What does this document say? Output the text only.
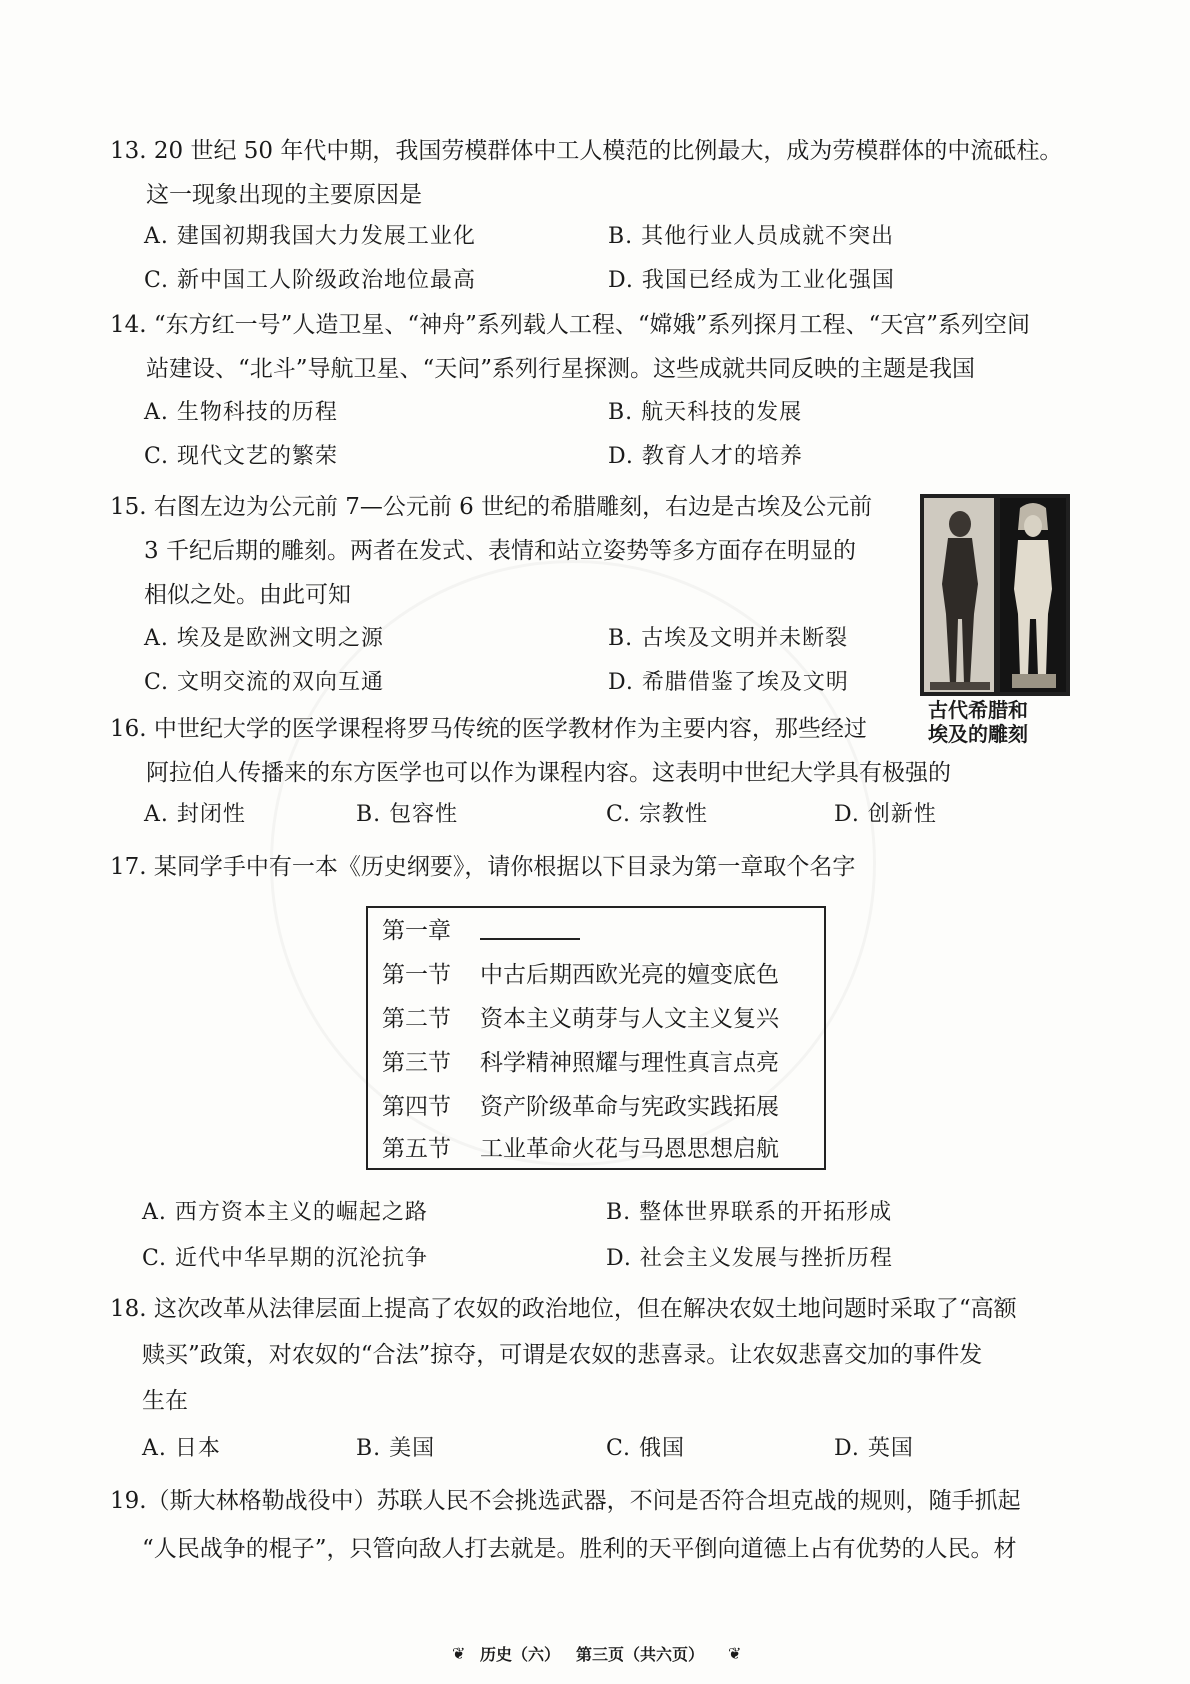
13. 20 世纪 50 年代中期，我国劳模群体中工人模范的比例最大，成为劳模群体的中流砥柱。
这一现象出现的主要原因是
A. 建国初期我国大力发展工业化	B. 其他行业人员成就不突出
C. 新中国工人阶级政治地位最高	D. 我国已经成为工业化强国
14. “东方红一号”人造卫星、“神舟”系列载人工程、“嫦娥”系列探月工程、“天宫”系列空间
站建设、“北斗”导航卫星、“天问”系列行星探测。这些成就共同反映的主题是我国
A. 生物科技的历程	B. 航天科技的发展
C. 现代文艺的繁荣	D. 教育人才的培养
15. 右图左边为公元前 7—公元前 6 世纪的希腊雕刻，右边是古埃及公元前
3 千纪后期的雕刻。两者在发式、表情和站立姿势等多方面存在明显的
相似之处。由此可知
A. 埃及是欧洲文明之源	B. 古埃及文明并未断裂
C. 文明交流的双向互通	D. 希腊借鉴了埃及文明
古代希腊和
埃及的雕刻
16. 中世纪大学的医学课程将罗马传统的医学教材作为主要内容，那些经过
阿拉伯人传播来的东方医学也可以作为课程内容。这表明中世纪大学具有极强的
A. 封闭性	B. 包容性	C. 宗教性	D. 创新性
17. 某同学手中有一本《历史纲要》，请你根据以下目录为第一章取个名字
第一章
第一节 中古后期西欧光亮的嬗变底色
第二节 资本主义萌芽与人文主义复兴
第三节 科学精神照耀与理性真言点亮
第四节 资产阶级革命与宪政实践拓展
第五节 工业革命火花与马恩思想启航
A. 西方资本主义的崛起之路	B. 整体世界联系的开拓形成
C. 近代中华早期的沉沦抗争	D. 社会主义发展与挫折历程
18. 这次改革从法律层面上提高了农奴的政治地位，但在解决农奴土地问题时采取了“高额
赎买”政策，对农奴的“合法”掠夺，可谓是农奴的悲喜录。让农奴悲喜交加的事件发
生在
A. 日本	B. 美国	C. 俄国	D. 英国
19.（斯大林格勒战役中）苏联人民不会挑选武器，不问是否符合坦克战的规则，随手抓起
“人民战争的棍子”，只管向敌人打去就是。胜利的天平倒向道德上占有优势的人民。材
历史（六） 第三页（共六页）
❦	❦
